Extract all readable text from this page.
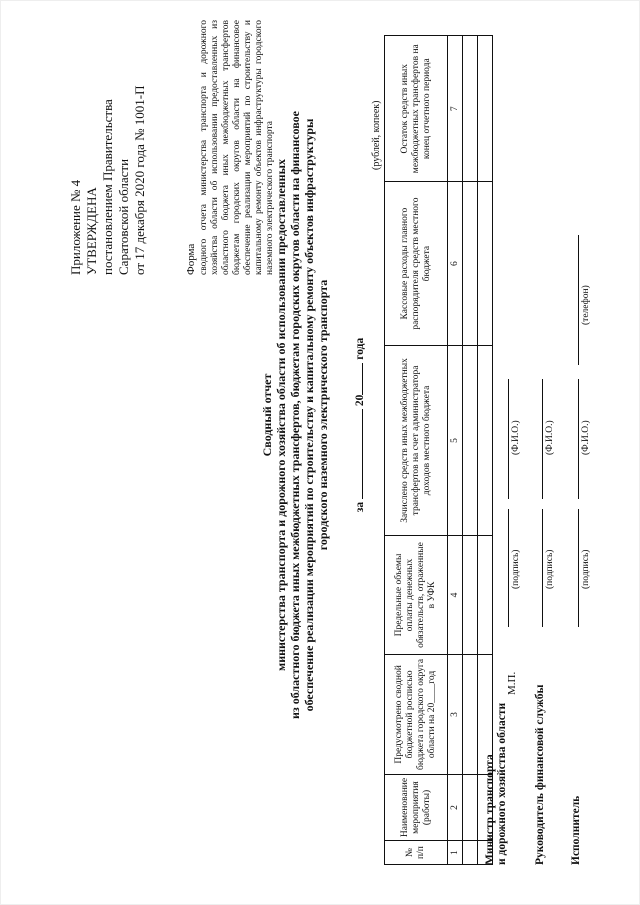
Приложение № 4 УТВЕРЖДЕНА постановлением Правительства Саратовской области от 17 декабря 2020 года № 1001-П	Форма сводного отчета министерства транспорта и дорожного хозяйства области об использовании предоставленных из областного бюджета иных межбюджетных трансфертов бюджетам городских округов области на финансовое обеспечение реализации мероприятий по строительству и капитальному ремонту объектов инфраструктуры городского наземного электрического транспорта
Сводный отчет министерства транспорта и дорожного хозяйства области об использовании предоставленных из областного бюджета иных межбюджетных трансфертов, бюджетам городских округов области на финансовое обеспечение реализации мероприятий по строительству и капитальному ремонту объектов инфраструктуры городского наземного электрического транспорта за  20 года
(рублей, копеек)
№ п/п	Наименование мероприятия (работы)	Предусмотрено сводной бюджетной росписью бюджета городского округа области на 20____год	Предельные объемы оплаты денежных обязательств, отраженные в УФК	Зачислено средств иных межбюджетных трансфертов на счет администратора доходов местного бюджета	Кассовые расходы главного распорядителя средств местного бюджета	Остаток средств иных межбюджетных трансфертов на конец отчетного периода
1	2	3	4	5	6	7

Министр транспорта и дорожного хозяйства области
(подпись)
(Ф.И.О.)
М.П.
Руководитель финансовой службы
(подпись)
(Ф.И.О.)
Исполнитель
(подпись)
(Ф.И.О.)
(телефон)
